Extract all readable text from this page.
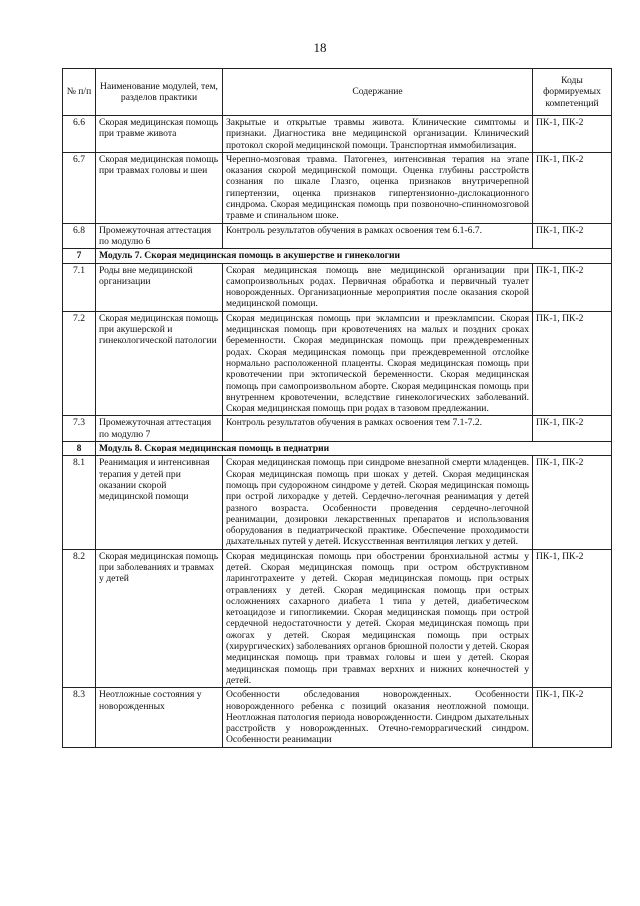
18
№ п/п	Наименование модулей, тем, разделов практики	Содержание	Коды формируемых компетенций
6.6	Скорая медицинская помощь при травме живота	Закрытые и открытые травмы живота. Клинические симптомы и признаки. Диагностика вне медицинской организации. Клинический протокол скорой медицинской помощи. Транспортная иммобилизация.	ПК-1, ПК-2
6.7	Скорая медицинская помощь при травмах головы и шеи	Черепно-мозговая травма. Патогенез, интенсивная терапия на этапе оказания скорой медицинской помощи. Оценка глубины расстройств сознания по шкале Глазго, оценка признаков внутричерепной гипертензии, оценка признаков гипертензионно-дислокационного синдрома. Скорая медицинская помощь при позвоночно-спинномозговой травме и спинальном шоке.	ПК-1, ПК-2
6.8	Промежуточная аттестация по модулю 6	Контроль результатов обучения в рамках освоения тем 6.1-6.7.	ПК-1, ПК-2
7	Модуль 7. Скорая медицинская помощь в акушерстве и гинекологии		
7.1	Роды вне медицинской организации	Скорая медицинская помощь вне медицинской организации при самопроизвольных родах. Первичная обработка и первичный туалет новорожденных. Организационные мероприятия после оказания скорой медицинской помощи.	ПК-1, ПК-2
7.2	Скорая медицинская помощь при акушерской и гинекологической патологии	Скорая медицинская помощь при эклампсии и преэклампсии. Скорая медицинская помощь при кровотечениях на малых и поздних сроках беременности. Скорая медицинская помощь при преждевременных родах. Скорая медицинская помощь при преждевременной отслойке нормально расположенной плаценты. Скорая медицинская помощь при кровотечении при эктопической беременности. Скорая медицинская помощь при самопроизвольном аборте. Скорая медицинская помощь при внутреннем кровотечении, вследствие гинекологических заболеваний. Скорая медицинская помощь при родах в тазовом предлежании.	ПК-1, ПК-2
7.3	Промежуточная аттестация по модулю 7	Контроль результатов обучения в рамках освоения тем 7.1-7.2.	ПК-1, ПК-2
8	Модуль 8. Скорая медицинская помощь в педиатрии		
8.1	Реанимация и интенсивная терапия у детей при оказании скорой медицинской помощи	Скорая медицинская помощь при синдроме внезапной смерти младенцев. Скорая медицинская помощь при шоках у детей. Скорая медицинская помощь при судорожном синдроме у детей. Скорая медицинская помощь при острой лихорадке у детей. Сердечно-легочная реанимация у детей разного возраста. Особенности проведения сердечно-легочной реанимации, дозировки лекарственных препаратов и использования оборудования в педиатрической практике. Обеспечение проходимости дыхательных путей у детей. Искусственная вентиляция легких у детей.	ПК-1, ПК-2
8.2	Скорая медицинская помощь при заболеваниях и травмах у детей	Скорая медицинская помощь при обострении бронхиальной астмы у детей. Скорая медицинская помощь при остром обструктивном ларинготрахеите у детей. Скорая медицинская помощь при острых отравлениях у детей. Скорая медицинская помощь при острых осложнениях сахарного диабета 1 типа у детей, диабетическом кетоацидозе и гипогликемии. Скорая медицинская помощь при острой сердечной недостаточности у детей. Скорая медицинская помощь при ожогах у детей. Скорая медицинская помощь при острых (хирургических) заболеваниях органов брюшной полости у детей. Скорая медицинская помощь при травмах головы и шеи у детей. Скорая медицинская помощь при травмах верхних и нижних конечностей у детей.	ПК-1, ПК-2
8.3	Неотложные состояния у новорожденных	Особенности обследования новорожденных. Особенности новорожденного ребенка с позиций оказания неотложной помощи. Неотложная патология периода новорожденности. Синдром дыхательных расстройств у новорожденных. Отечно-геморрагический синдром. Особенности реанимации	ПК-1, ПК-2
